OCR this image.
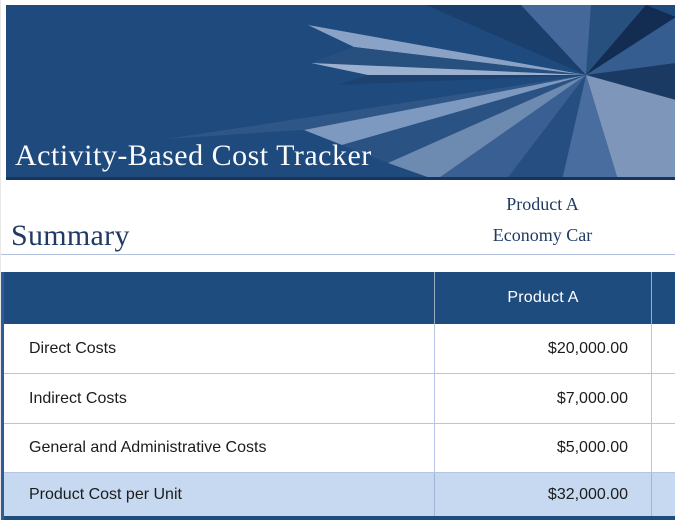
Activity-Based Cost Tracker
Summary
Product A
Economy Car
Product A
Direct Costs	$20,000.00
Indirect Costs	$7,000.00
General and Administrative Costs	$5,000.00
Product Cost per Unit	$32,000.00
